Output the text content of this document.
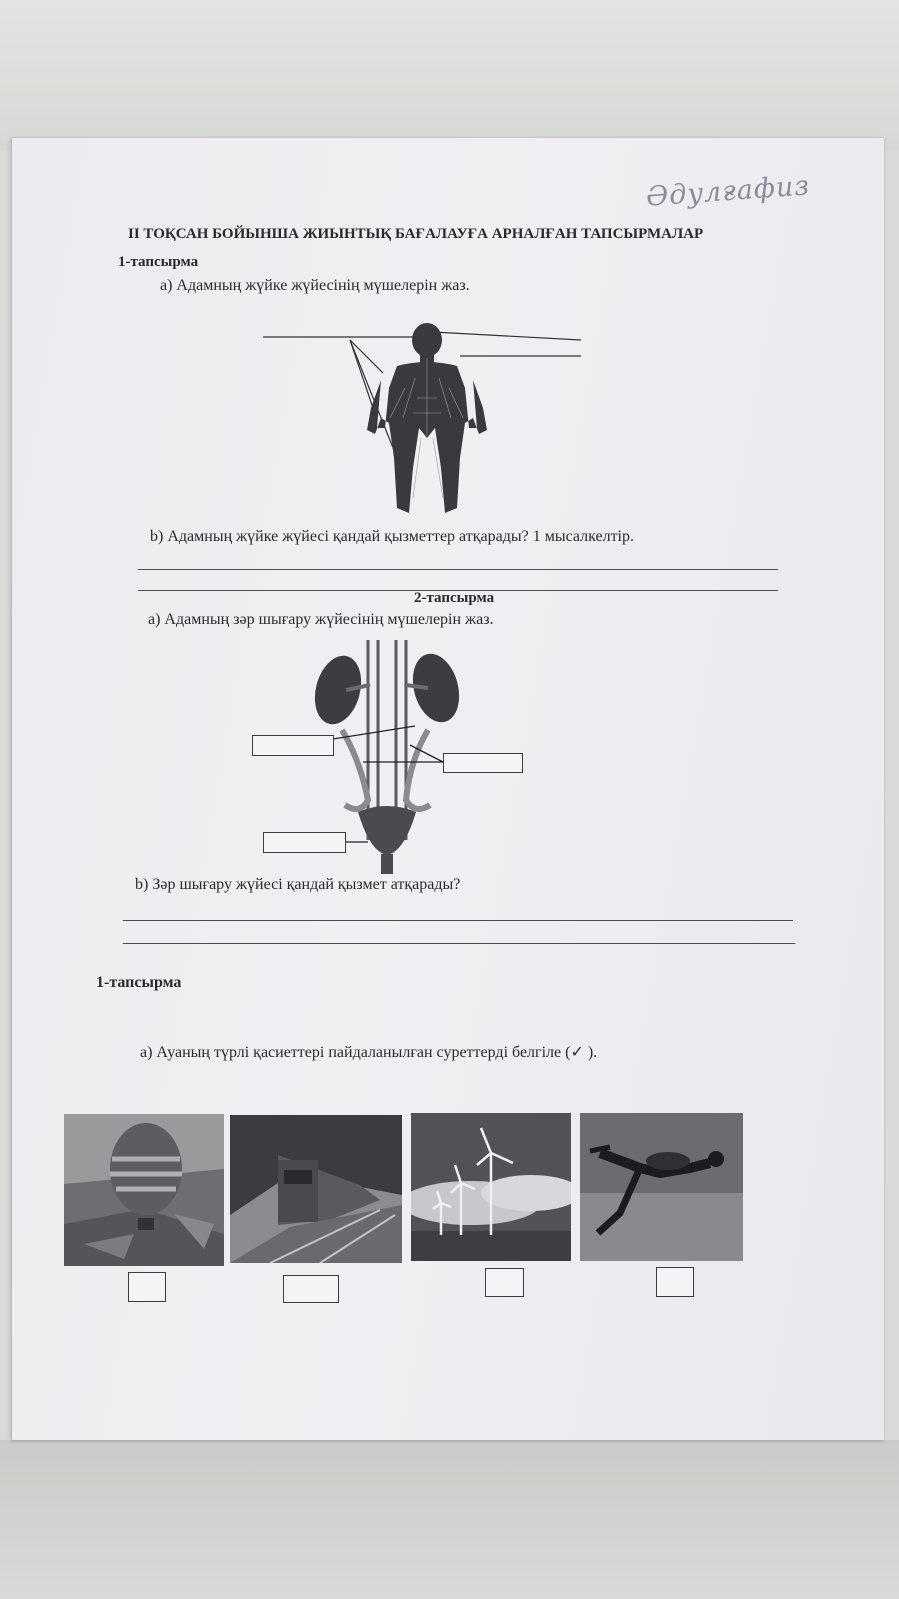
Әдулғафиз
II ТОҚСАН БОЙЫНША ЖИЫНТЫҚ БАҒАЛАУҒА АРНАЛҒАН ТАПСЫРМАЛАР
1-тапсырма
а) Адамның жүйке жүйесінің мүшелерін жаз.
b) Адамның жүйке жүйесі қандай қызметтер атқарады? 1 мысалкелтір.
2-тапсырма
а) Адамның зәр шығару жүйесінің мүшелерін жаз.
b) Зәр шығару жүйесі қандай қызмет атқарады?
1-тапсырма
а) Ауаның түрлі қасиеттері пайдаланылған суреттерді белгіле (✓ ).
